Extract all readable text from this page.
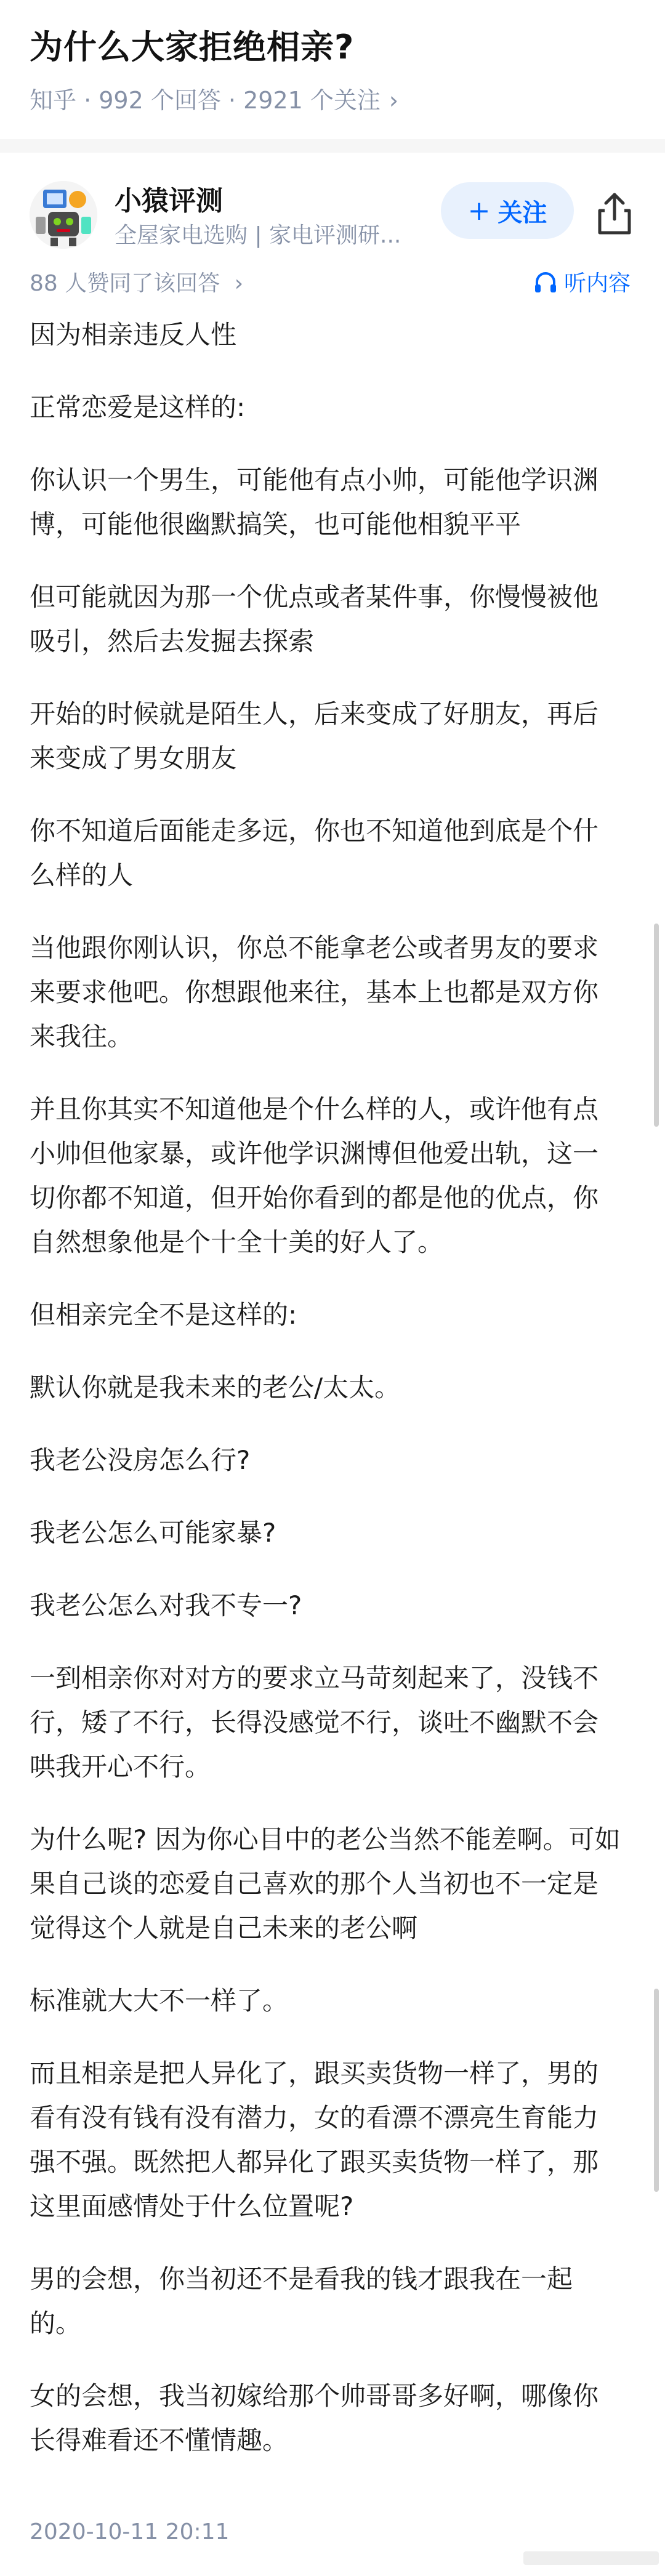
为什么大家拒绝相亲?
知乎 · 992 个回答 · 2921 个关注 ›
小猿评测
全屋家电选购 | 家电评测研...
+ 关注
88 人赞同了该回答 ›	听内容

因为相亲违反人性

正常恋爱是这样的:

你认识一个男生，可能他有点小帅，可能他学识渊博，可能他很幽默搞笑，也可能他相貌平平

但可能就因为那一个优点或者某件事，你慢慢被他吸引，然后去发掘去探索

开始的时候就是陌生人，后来变成了好朋友，再后来变成了男女朋友

你不知道后面能走多远，你也不知道他到底是个什么样的人

当他跟你刚认识，你总不能拿老公或者男友的要求来要求他吧。你想跟他来往，基本上也都是双方你来我往。

并且你其实不知道他是个什么样的人，或许他有点小帅但他家暴，或许他学识渊博但他爱出轨，这一切你都不知道，但开始你看到的都是他的优点，你自然想象他是个十全十美的好人了。

但相亲完全不是这样的:

默认你就是我未来的老公/太太。

我老公没房怎么行?

我老公怎么可能家暴?

我老公怎么对我不专一?

一到相亲你对对方的要求立马苛刻起来了，没钱不行，矮了不行，长得没感觉不行，谈吐不幽默不会哄我开心不行。

为什么呢? 因为你心目中的老公当然不能差啊。可如果自己谈的恋爱自己喜欢的那个人当初也不一定是觉得这个人就是自己未来的老公啊

标准就大大不一样了。

而且相亲是把人异化了，跟买卖货物一样了，男的看有没有钱有没有潜力，女的看漂不漂亮生育能力强不强。既然把人都异化了跟买卖货物一样了，那这里面感情处于什么位置呢?

男的会想，你当初还不是看我的钱才跟我在一起的。

女的会想，我当初嫁给那个帅哥哥多好啊，哪像你长得难看还不懂情趣。

2020-10-11 20:11
